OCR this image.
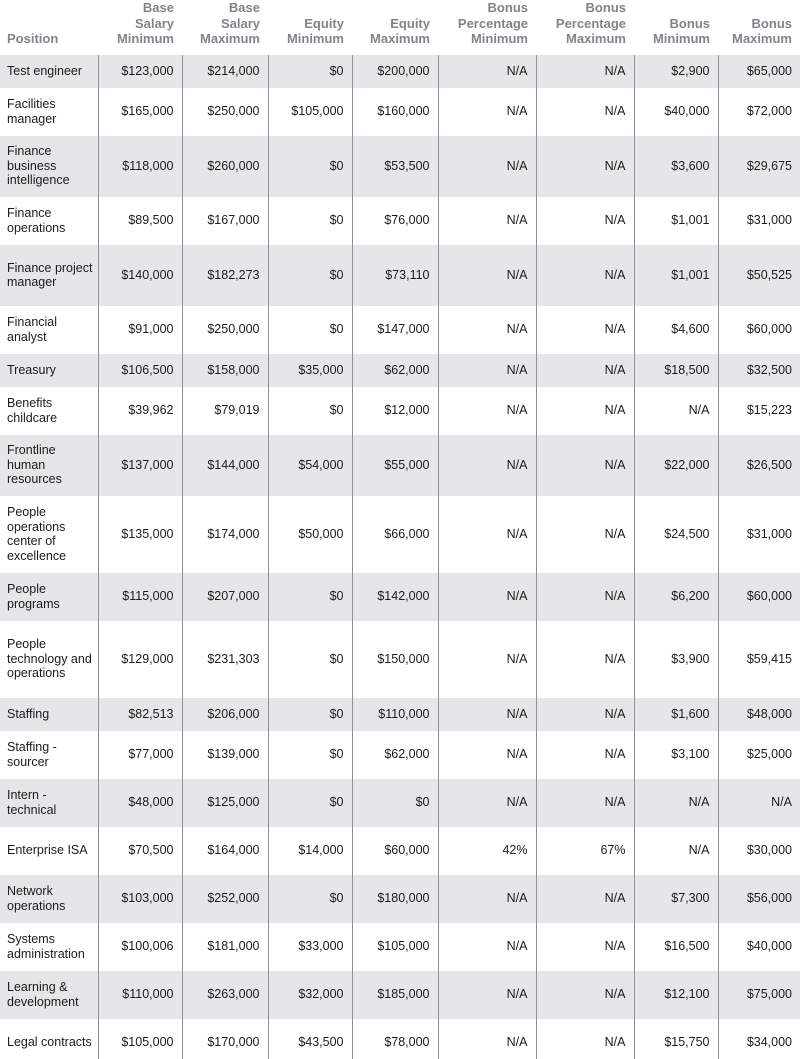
Position	Base Salary Minimum	Base Salary Maximum	Equity Minimum	Equity Maximum	Bonus Percentage Minimum	Bonus Percentage Maximum	Bonus Minimum	Bonus Maximum
Test engineer	$123,000	$214,000	$0	$200,000	N/A	N/A	$2,900	$65,000
Facilities manager	$165,000	$250,000	$105,000	$160,000	N/A	N/A	$40,000	$72,000
Finance business intelligence	$118,000	$260,000	$0	$53,500	N/A	N/A	$3,600	$29,675
Finance operations	$89,500	$167,000	$0	$76,000	N/A	N/A	$1,001	$31,000
Finance project manager	$140,000	$182,273	$0	$73,110	N/A	N/A	$1,001	$50,525
Financial analyst	$91,000	$250,000	$0	$147,000	N/A	N/A	$4,600	$60,000
Treasury	$106,500	$158,000	$35,000	$62,000	N/A	N/A	$18,500	$32,500
Benefits childcare	$39,962	$79,019	$0	$12,000	N/A	N/A	N/A	$15,223
Frontline human resources	$137,000	$144,000	$54,000	$55,000	N/A	N/A	$22,000	$26,500
People operations center of excellence	$135,000	$174,000	$50,000	$66,000	N/A	N/A	$24,500	$31,000
People programs	$115,000	$207,000	$0	$142,000	N/A	N/A	$6,200	$60,000
People technology and operations	$129,000	$231,303	$0	$150,000	N/A	N/A	$3,900	$59,415
Staffing	$82,513	$206,000	$0	$110,000	N/A	N/A	$1,600	$48,000
Staffing - sourcer	$77,000	$139,000	$0	$62,000	N/A	N/A	$3,100	$25,000
Intern - technical	$48,000	$125,000	$0	$0	N/A	N/A	N/A	N/A
Enterprise ISA	$70,500	$164,000	$14,000	$60,000	42%	67%	N/A	$30,000
Network operations	$103,000	$252,000	$0	$180,000	N/A	N/A	$7,300	$56,000
Systems administration	$100,006	$181,000	$33,000	$105,000	N/A	N/A	$16,500	$40,000
Learning & development	$110,000	$263,000	$32,000	$185,000	N/A	N/A	$12,100	$75,000
Legal contracts	$105,000	$170,000	$43,500	$78,000	N/A	N/A	$15,750	$34,000
